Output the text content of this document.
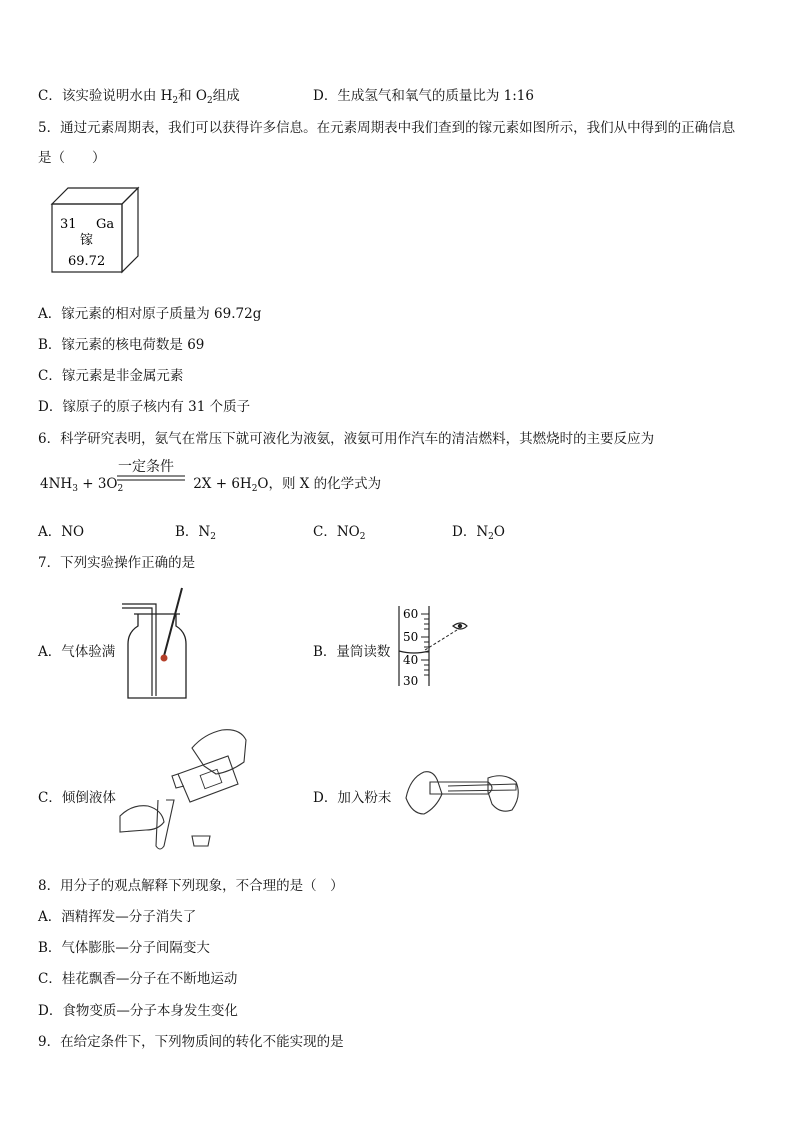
C．该实验说明水由 $H_2$和 $O_2$组成	D．生成氢气和氧气的质量比为 1:16
5．通过元素周期表，我们可以获得许多信息。在元素周期表中我们查到的镓元素如图所示，我们从中得到的正确信息
是（　　）
31 Ga
镓
69.72
A．镓元素的相对原子质量为 69.72g
B．镓元素的核电荷数是 69
C．镓元素是非金属元素
D．镓原子的原子核内有 31 个质子
6．科学研究表明，氨气在常压下就可液化为液氨，液氨可用作汽车的清洁燃料，其燃烧时的主要反应为
$4NH_3 + 3O_2$	$2X + 6H_2O$，则 X 的化学式为
一定条件
A．NO	B．$N_2$	C．$NO_2$	D．$N_2O$
7．下列实验操作正确的是
A．气体验满	B．量筒读数
60
50
40
30
C．倾倒液体	D．加入粉末
8．用分子的观点解释下列现象，不合理的是（　）
A．酒精挥发—分子消失了
B．气体膨胀—分子间隔变大
C．桂花飘香—分子在不断地运动
D．食物变质—分子本身发生变化
9．在给定条件下，下列物质间的转化不能实现的是
